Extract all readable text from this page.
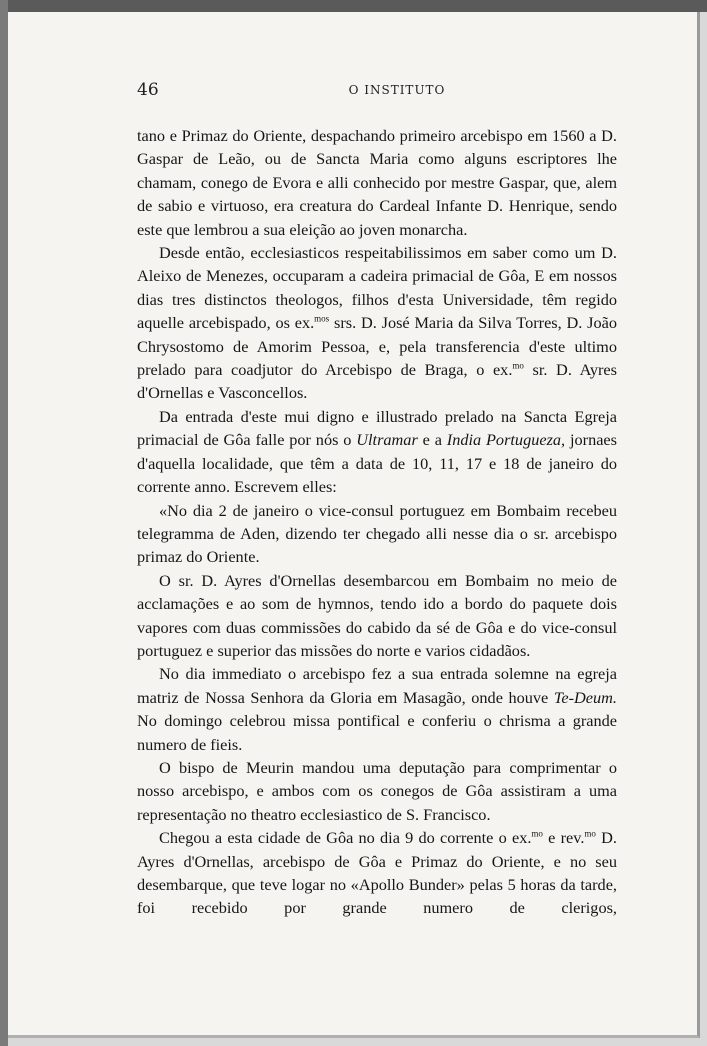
46	O INSTITUTO

tano e Primaz do Oriente, despachando primeiro arcebispo em 1560 a D. Gaspar de Leão, ou de Sancta Maria como alguns escriptores lhe chamam, conego de Evora e alli conhecido por mestre Gaspar, que, alem de sabio e virtuoso, era creatura do Cardeal Infante D. Henrique, sendo este que lembrou a sua eleição ao joven monarcha.

Desde então, ecclesiasticos respeitabilissimos em saber como um D. Aleixo de Menezes, occuparam a cadeira primacial de Gôa, E em nossos dias tres distinctos theologos, filhos d'esta Universidade, têm regido aquelle arcebispado, os ex.$^{mos}$ srs. D. José Maria da Silva Torres, D. João Chrysostomo de Amorim Pessoa, e, pela transferencia d'este ultimo prelado para coadjutor do Arcebispo de Braga, o ex.$^{mo}$ sr. D. Ayres d'Ornellas e Vasconcellos.

Da entrada d'este mui digno e illustrado prelado na Sancta Egreja primacial de Gôa falle por nós o Ultramar e a India Portugueza, jornaes d'aquella localidade, que têm a data de 10, 11, 17 e 18 de janeiro do corrente anno. Escrevem elles:

«No dia 2 de janeiro o vice-consul portuguez em Bombaim recebeu telegramma de Aden, dizendo ter chegado alli nesse dia o sr. arcebispo primaz do Oriente.

O sr. D. Ayres d'Ornellas desembarcou em Bombaim no meio de acclamações e ao som de hymnos, tendo ido a bordo do paquete dois vapores com duas commissões do cabido da sé de Gôa e do vice-consul portuguez e superior das missões do norte e varios cidadãos.

No dia immediato o arcebispo fez a sua entrada solemne na egreja matriz de Nossa Senhora da Gloria em Masagão, onde houve Te-Deum. No domingo celebrou missa pontifical e conferiu o chrisma a grande numero de fieis.

O bispo de Meurin mandou uma deputação para comprimentar o nosso arcebispo, e ambos com os conegos de Gôa assistiram a uma representação no theatro ecclesiastico de S. Francisco.

Chegou a esta cidade de Gôa no dia 9 do corrente o ex.$^{mo}$ e rev.$^{mo}$ D. Ayres d'Ornellas, arcebispo de Gôa e Primaz do Oriente, e no seu desembarque, que teve logar no «Apollo Bunder» pelas 5 horas da tarde, foi recebido por grande numero de clerigos,
